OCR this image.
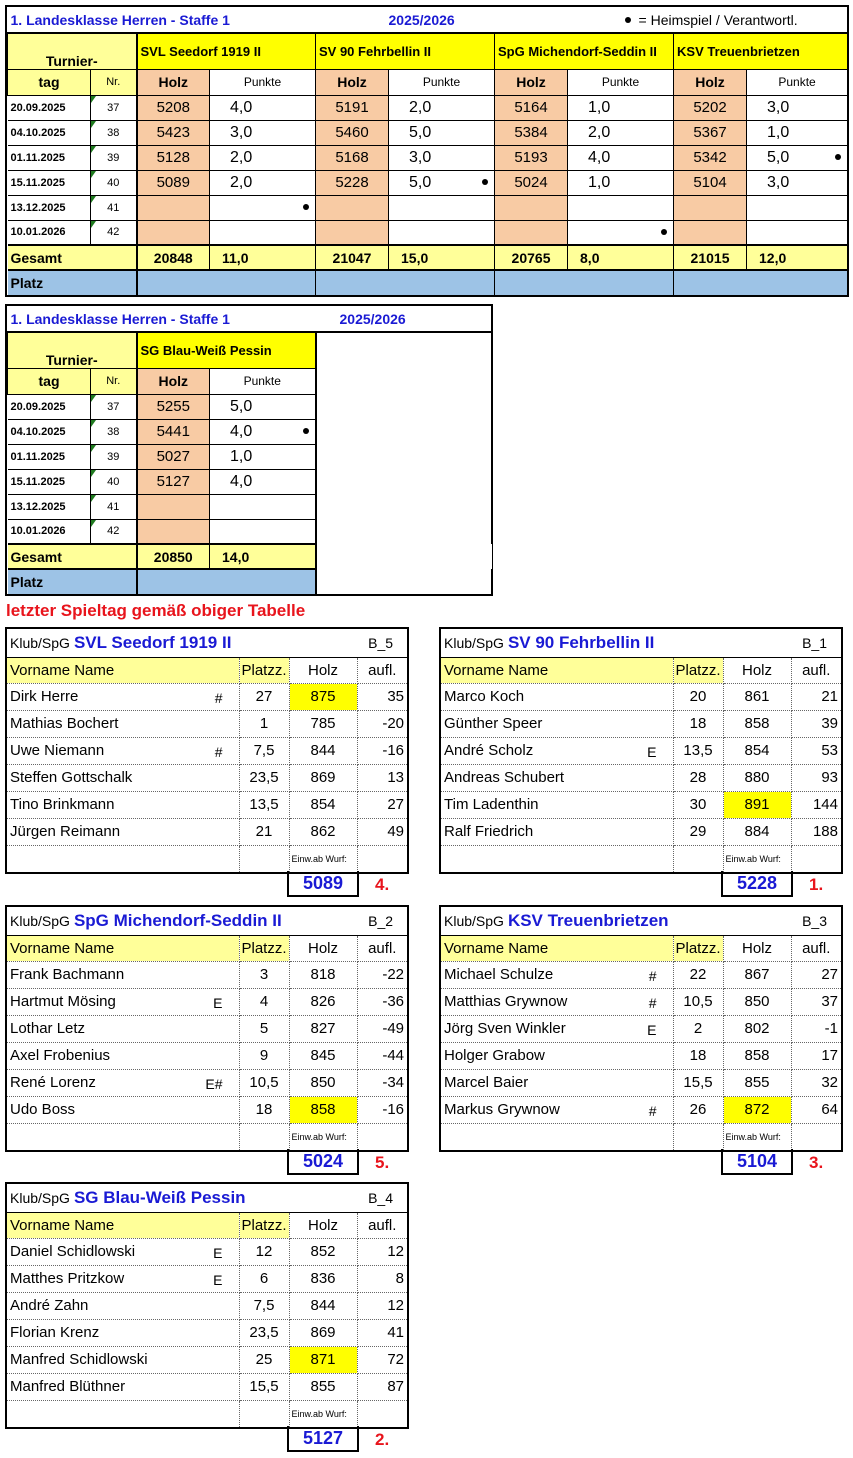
1. Landesklasse Herren - Staffe 1					2025/2026		= Heimspiel / Verantwortl.		
Turnier-		SVL Seedorf 1919 II		SV 90 Fehrbellin II		SpG Michendorf-Seddin II		KSV Treuenbrietzen	
tag	Nr.	Holz	Punkte	Holz	Punkte	Holz	Punkte	Holz	Punkte
20.09.2025	37	5208	4,0	5191	2,0	5164	1,0	5202	3,0
04.10.2025	38	5423	3,0	5460	5,0	5384	2,0	5367	1,0
01.11.2025	39	5128	2,0	5168	3,0	5193	4,0	5342	5,0

15.11.2025	40	5089	2,0	5228	5,0	5024	1,0	5104	3,0
13.12.2025	41		

10.01.2026	42						

Gesamt		20848	11,0	21047	15,0	20765	8,0	21015	12,0
Platz									
1. Landesklasse Herren - Staffe 1				2025/2026
Turnier-		SG Blau-Weiß Pessin		
tag	Nr.	Holz	Punkte	
20.09.2025	37	5255	5,0	
04.10.2025	38	5441	4,0

01.11.2025	39	5027	1,0	
15.11.2025	40	5127	4,0	
13.12.2025	41			
10.01.2026	42			
Gesamt		20850	14,0	
Platz				
letzter Spieltag gemäß obiger Tabelle
Klub/SpG SVL Seedorf 1919 II			B_5
Vorname Name	Platzz.	Holz	aufl.
Dirk Herre #	27	875	35
Mathias Bochert	1	785	-20
Uwe Niemann #	7,5	844	-16
Steffen Gottschalk	23,5	869	13
Tino Brinkmann	13,5	854	27
Jürgen Reimann	21	862	49
		Einw.ab Wurf:	
5089	4.
Klub/SpG SV 90 Fehrbellin II			B_1
Vorname Name	Platzz.	Holz	aufl.
Marco Koch	20	861	21
Günther Speer	18	858	39
André Scholz E	13,5	854	53
Andreas Schubert	28	880	93
Tim Ladenthin	30	891	144
Ralf Friedrich	29	884	188
		Einw.ab Wurf:	
5228	1.
Klub/SpG SpG Michendorf-Seddin II			B_2
Vorname Name	Platzz.	Holz	aufl.
Frank Bachmann	3	818	-22
Hartmut Mösing E	4	826	-36
Lothar Letz	5	827	-49
Axel Frobenius	9	845	-44
René Lorenz E#	10,5	850	-34
Udo Boss	18	858	-16
		Einw.ab Wurf:	
5024	5.
Klub/SpG KSV Treuenbrietzen			B_3
Vorname Name	Platzz.	Holz	aufl.
Michael Schulze #	22	867	27
Matthias Grywnow #	10,5	850	37
Jörg Sven Winkler E	2	802	-1
Holger Grabow	18	858	17
Marcel Baier	15,5	855	32
Markus Grywnow #	26	872	64
		Einw.ab Wurf:	
5104	3.
Klub/SpG SG Blau-Weiß Pessin			B_4
Vorname Name	Platzz.	Holz	aufl.
Daniel Schidlowski E	12	852	12
Matthes Pritzkow E	6	836	8
André Zahn	7,5	844	12
Florian Krenz	23,5	869	41
Manfred Schidlowski	25	871	72
Manfred Blüthner	15,5	855	87
		Einw.ab Wurf:	
5127	2.
